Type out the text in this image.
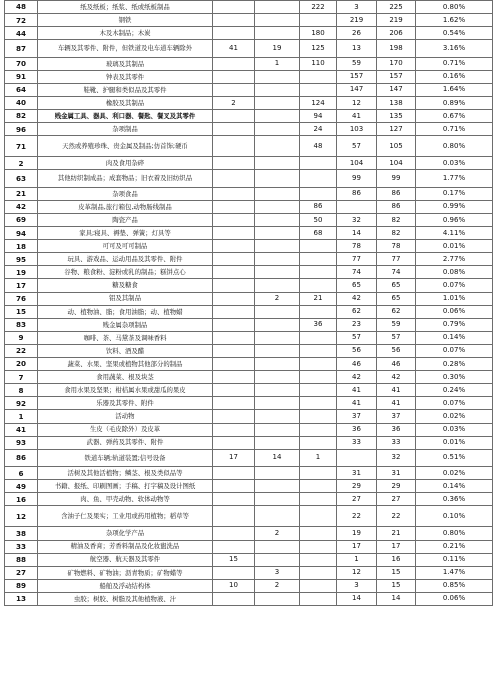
48	纸及纸板；纸浆、纸或纸板制品			222	3	225	0.80%
72	钢铁				219	219	1.62%
44	木及木制品；木炭			180	26	206	0.54%
87	车辆及其零件、附件，但铁道及电车道车辆除外	41	19	125	13	198	3.16%
70	玻璃及其制品		1	110	59	170	0.71%
91	钟表及其零件				157	157	0.16%
64	鞋靴、护腿和类似品及其零件				147	147	1.64%
40	橡胶及其制品	2		124	12	138	0.89%
82	贱金属工具、器具、利口器、餐匙、餐叉及其零件			94	41	135	0.67%
96	杂项制品			24	103	127	0.71%
71	天然或养殖珍珠、贵金属及制品;仿首饰;硬币			48	57	105	0.80%
2	肉及食用杂碎				104	104	0.03%
63	其他纺织制成品；成套物品；旧衣着及旧纺织品				99	99	1.77%
21	杂项食品				86	86	0.17%
42	皮革制品,旅行箱包,动物肠线制品			86		86	0.99%
69	陶瓷产品			50	32	82	0.96%
94	家具;寝具、褥垫、弹簧；灯具等			68	14	82	4.11%
18	可可及可可制品				78	78	0.01%
95	玩具、游戏品、运动用品及其零件、附件				77	77	2.77%
19	谷物、粮食粉、淀粉或乳的制品；糕饼点心				74	74	0.08%
17	糖及糖食				65	65	0.07%
76	铝及其制品		2	21	42	65	1.01%
15	动、植物油、脂；食用油脂；动、植物蜡				62	62	0.06%
83	贱金属杂项制品			36	23	59	0.79%
9	咖啡、茶、马黛茶及调味香料				57	57	0.14%
22	饮料、酒及醋				56	56	0.07%
20	蔬菜、水果、坚果或植物其他部分的制品				46	46	0.28%
7	食用蔬菜、根及块茎				42	42	0.30%
8	食用水果及坚果；柑桔属水果或甜瓜的果皮				41	41	0.24%
92	乐器及其零件、附件				41	41	0.07%
1	活动物				37	37	0.02%
41	生皮（毛皮除外）及皮革				36	36	0.03%
93	武器、弹药及其零件、附件				33	33	0.01%
86	铁道车辆;轨道装置;信号设备	17	14	1		32	0.51%
6	活树及其他活植物；鳞茎、根及类似品等				31	31	0.02%
49	书籍、报纸、印刷图画；手稿、打字稿及设计图纸				29	29	0.14%
16	肉、鱼、甲壳动物、软体动物等				27	27	0.36%
12	含油子仁及果实；工业用或药用植物；稻草等				22	22	0.10%
38	杂项化学产品		2		19	21	0.80%
33	精油及香膏；芳香料制品及化妆盥洗品				17	17	0.21%
88	航空器、航天器及其零件	15			1	16	0.11%
27	矿物燃料、矿物油；沥青物质；矿物蜡等		3		12	15	1.47%
89	船舶及浮动结构体	10	2		3	15	0.85%
13	虫胶；树胶、树脂及其他植物液、汁				14	14	0.06%
